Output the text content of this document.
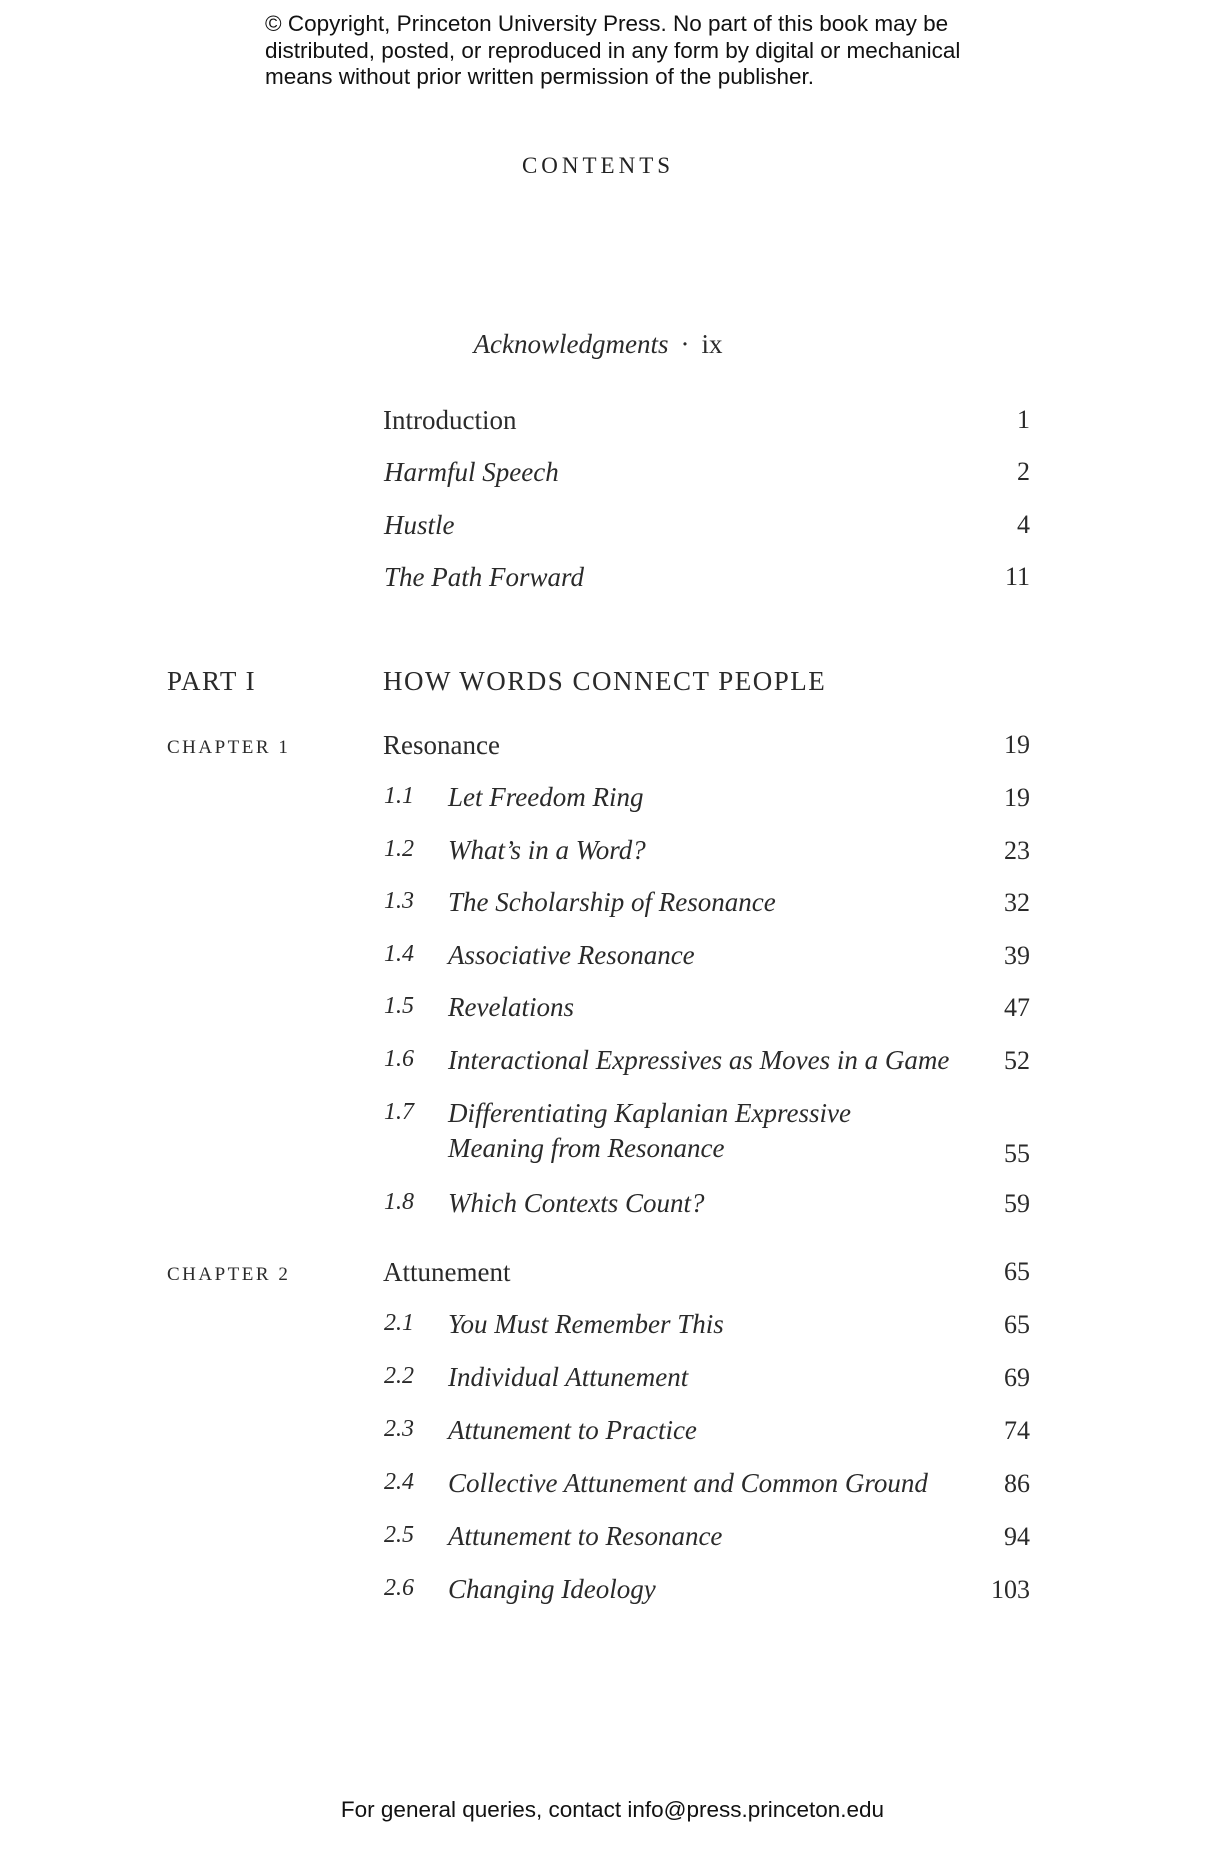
© Copyright, Princeton University Press. No part of this book may be
distributed, posted, or reproduced in any form by digital or mechanical
means without prior written permission of the publisher.
CONTENTS
Acknowledgments · ix
Introduction	1
Harmful Speech	2
Hustle	4
The Path Forward	11
PART I	HOW WORDS CONNECT PEOPLE
CHAPTER 1	Resonance	19
1.1 Let Freedom Ring	19
1.2 What’s in a Word?	23
1.3 The Scholarship of Resonance	32
1.4 Associative Resonance	39
1.5 Revelations	47
1.6 Interactional Expressives as Moves in a Game 52
1.7 Differentiating Kaplanian Expressive
Meaning from Resonance	55
1.8 Which Contexts Count?	59
CHAPTER 2	Attunement	65
2.1 You Must Remember This	65
2.2 Individual Attunement	69
2.3 Attunement to Practice	74
2.4 Collective Attunement and Common Ground	86
2.5 Attunement to Resonance	94
2.6 Changing Ideology	103
For general queries, contact info@press.princeton.edu
